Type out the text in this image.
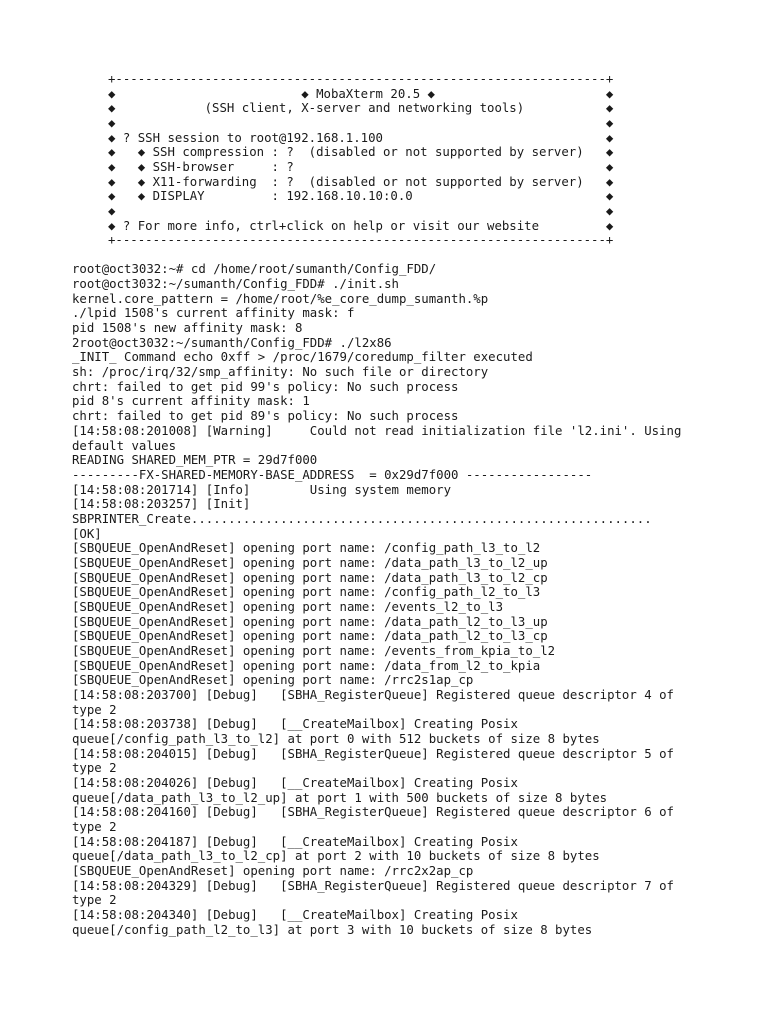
+------------------------------------------------------------------+
◆                         ◆ MobaXterm 20.5 ◆                       ◆
◆            (SSH client, X-server and networking tools)           ◆
◆                                                                  ◆
◆ ? SSH session to root@192.168.1.100                              ◆
◆   ◆ SSH compression : ?  (disabled or not supported by server)   ◆
◆   ◆ SSH-browser     : ?                                          ◆
◆   ◆ X11-forwarding  : ?  (disabled or not supported by server)   ◆
◆   ◆ DISPLAY         : 192.168.10.10:0.0                          ◆
◆                                                                  ◆
◆ ? For more info, ctrl+click on help or visit our website         ◆
+------------------------------------------------------------------+
root@oct3032:~# cd /home/root/sumanth/Config_FDD/
root@oct3032:~/sumanth/Config_FDD# ./init.sh
kernel.core_pattern = /home/root/%e_core_dump_sumanth.%p
./lpid 1508's current affinity mask: f
pid 1508's new affinity mask: 8
2root@oct3032:~/sumanth/Config_FDD# ./l2x86
_INIT_ Command echo 0xff > /proc/1679/coredump_filter executed
sh: /proc/irq/32/smp_affinity: No such file or directory
chrt: failed to get pid 99's policy: No such process
pid 8's current affinity mask: 1
chrt: failed to get pid 89's policy: No such process
[14:58:08:201008] [Warning]     Could not read initialization file 'l2.ini'. Using
default values
READING SHARED_MEM_PTR = 29d7f000
---------FX-SHARED-MEMORY-BASE_ADDRESS  = 0x29d7f000 -----------------
[14:58:08:201714] [Info]        Using system memory
[14:58:08:203257] [Init]
SBPRINTER_Create..............................................................
[OK]
[SBQUEUE_OpenAndReset] opening port name: /config_path_l3_to_l2
[SBQUEUE_OpenAndReset] opening port name: /data_path_l3_to_l2_up
[SBQUEUE_OpenAndReset] opening port name: /data_path_l3_to_l2_cp
[SBQUEUE_OpenAndReset] opening port name: /config_path_l2_to_l3
[SBQUEUE_OpenAndReset] opening port name: /events_l2_to_l3
[SBQUEUE_OpenAndReset] opening port name: /data_path_l2_to_l3_up
[SBQUEUE_OpenAndReset] opening port name: /data_path_l2_to_l3_cp
[SBQUEUE_OpenAndReset] opening port name: /events_from_kpia_to_l2
[SBQUEUE_OpenAndReset] opening port name: /data_from_l2_to_kpia
[SBQUEUE_OpenAndReset] opening port name: /rrc2s1ap_cp
[14:58:08:203700] [Debug]   [SBHA_RegisterQueue] Registered queue descriptor 4 of
type 2
[14:58:08:203738] [Debug]   [__CreateMailbox] Creating Posix
queue[/config_path_l3_to_l2] at port 0 with 512 buckets of size 8 bytes
[14:58:08:204015] [Debug]   [SBHA_RegisterQueue] Registered queue descriptor 5 of
type 2
[14:58:08:204026] [Debug]   [__CreateMailbox] Creating Posix
queue[/data_path_l3_to_l2_up] at port 1 with 500 buckets of size 8 bytes
[14:58:08:204160] [Debug]   [SBHA_RegisterQueue] Registered queue descriptor 6 of
type 2
[14:58:08:204187] [Debug]   [__CreateMailbox] Creating Posix
queue[/data_path_l3_to_l2_cp] at port 2 with 10 buckets of size 8 bytes
[SBQUEUE_OpenAndReset] opening port name: /rrc2x2ap_cp
[14:58:08:204329] [Debug]   [SBHA_RegisterQueue] Registered queue descriptor 7 of
type 2
[14:58:08:204340] [Debug]   [__CreateMailbox] Creating Posix
queue[/config_path_l2_to_l3] at port 3 with 10 buckets of size 8 bytes
